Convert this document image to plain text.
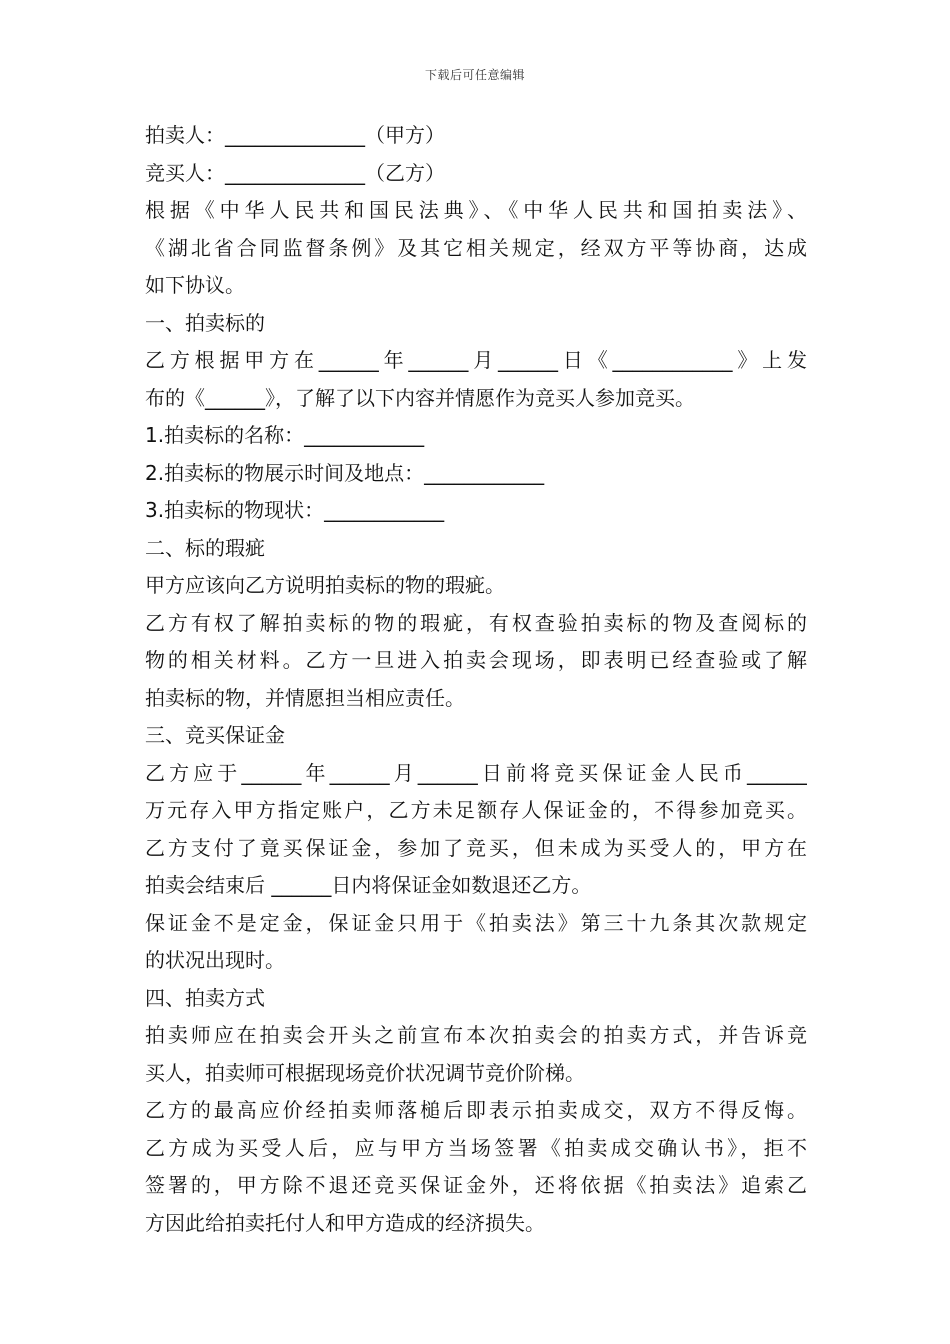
下载后可任意编辑
拍卖人：______________（甲方）
竞买人：______________（乙方）
根据《中华人民共和国民法典》、《中华人民共和国拍卖法》、
《湖北省合同监督条例》及其它相关规定，经双方平等协商，达成
如下协议。
一、拍卖标的
乙方根据甲方在______年______月______日《____________》上发
布的《______》，了解了以下内容并情愿作为竞买人参加竞买。
1.拍卖标的名称：____________
2.拍卖标的物展示时间及地点：____________
3.拍卖标的物现状：____________
二、标的瑕疵
甲方应该向乙方说明拍卖标的物的瑕疵。
乙方有权了解拍卖标的物的瑕疵，有权查验拍卖标的物及查阅标的
物的相关材料。乙方一旦进入拍卖会现场，即表明已经查验或了解
拍卖标的物，并情愿担当相应责任。
三、竞买保证金
乙方应于______年______月______日前将竞买保证金人民币______
万元存入甲方指定账户，乙方未足额存人保证金的，不得参加竞买。
乙方支付了竟买保证金，参加了竞买，但未成为买受人的，甲方在
拍卖会结束后 ______日内将保证金如数退还乙方。
保证金不是定金，保证金只用于《拍卖法》第三十九条其次款规定
的状况出现时。
四、拍卖方式
拍卖师应在拍卖会开头之前宣布本次拍卖会的拍卖方式，并告诉竞
买人，拍卖师可根据现场竞价状况调节竞价阶梯。
乙方的最高应价经拍卖师落槌后即表示拍卖成交，双方不得反悔。
乙方成为买受人后，应与甲方当场签署《拍卖成交确认书》，拒不
签署的，甲方除不退还竞买保证金外，还将依据《拍卖法》追索乙
方因此给拍卖托付人和甲方造成的经济损失。
